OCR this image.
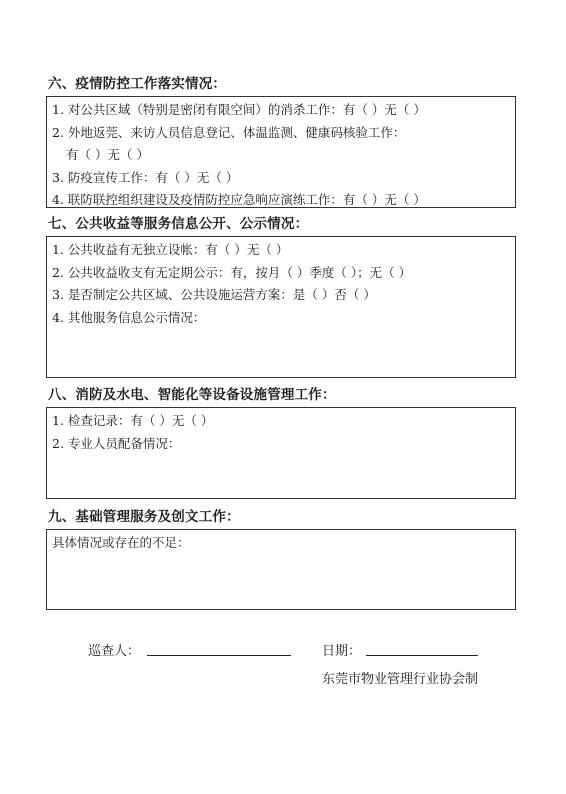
六、疫情防控工作落实情况：
1. 对公共区域（特别是密闭有限空间）的消杀工作：有（ ）无（ ）
2. 外地返莞、来访人员信息登记、体温监测、健康码核验工作：
有（ ）无（ ）
3. 防疫宣传工作：有（ ）无（ ）
4. 联防联控组织建设及疫情防控应急响应演练工作：有（ ）无（ ）
七、公共收益等服务信息公开、公示情况：
1. 公共收益有无独立设帐：有（ ）无（ ）
2. 公共收益收支有无定期公示：有，按月（ ）季度（ ）；无（ ）
3. 是否制定公共区域、公共设施运营方案：是（ ）否（ ）
4. 其他服务信息公示情况：
八、消防及水电、智能化等设备设施管理工作：
1. 检查记录：有（ ）无（ ）
2. 专业人员配备情况：
九、基础管理服务及创文工作：
具体情况或存在的不足：
巡查人：	日期：
东莞市物业管理行业协会制
